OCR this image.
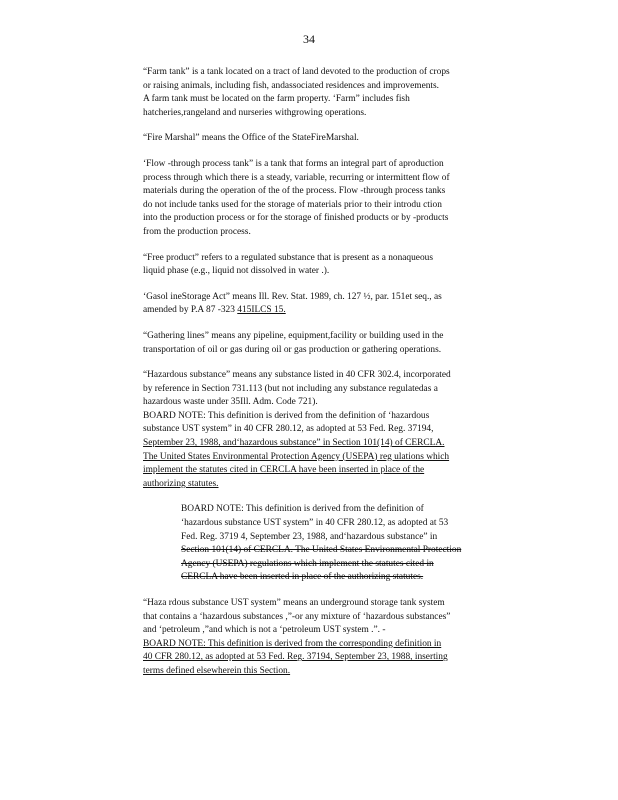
34
“Farm tank” is a tank located on a tract of land devoted to the production of crops
or raising animals, including fish, andassociated residences and improvements.
A farm tank must be located on the farm property. ‘Farm” includes fish
hatcheries,rangeland and nurseries withgrowing operations.
“Fire Marshal” means the Office of the StateFireMarshal.
‘Flow -through process tank” is a tank that forms an integral part of aproduction
process through which there is a steady, variable, recurring or intermittent flow of
materials during the operation of the of the process. Flow -through process tanks
do not include tanks used for the storage of materials prior to their introdu ction
into the production process or for the storage of finished products or by -products
from the production process.
“Free product” refers to a regulated substance that is present as a nonaqueous
liquid phase (e.g., liquid not dissolved in water .).
‘Gasol ineStorage Act” means Ill. Rev. Stat. 1989, ch. 127 ½, par. 151et seq., as
amended by P.A 87 -323 415ILCS 15.
“Gathering lines” means any pipeline, equipment,facility or building used in the
transportation of oil or gas during oil or gas production or gathering operations.
“Hazardous substance” means any substance listed in 40 CFR 302.4, incorporated
by reference in Section 731.113 (but not including any substance regulatedas a
hazardous waste under 35Ill. Adm. Code 721).
BOARD NOTE: This definition is derived from the definition of ‘hazardous
substance UST system” in 40 CFR 280.12, as adopted at 53 Fed. Reg. 37194,
September 23, 1988, and‘hazardous substance” in Section 101(14) of CERCLA.
The United States Environmental Protection Agency (USEPA) reg ulations which
implement the statutes cited in CERCLA have been inserted in place of the
authorizing statutes.
BOARD NOTE: This definition is derived from the definition of
‘hazardous substance UST system” in 40 CFR 280.12, as adopted at 53
Fed. Reg. 3719 4, September 23, 1988, and‘hazardous substance” in
Section 101(14) of CERCLA. The United States Environmental Protection
Agency (USEPA) regulations which implement the statutes cited in
CERCLA have been inserted in place of the authorizing statutes.
“Haza rdous substance UST system” means an underground storage tank system
that contains a ‘hazardous substances ,”-or any mixture of ‘hazardous substances”
and ‘petroleum ,”and which is not a ‘petroleum UST system .”. -
BOARD NOTE: This definition is derived from the corresponding definition in
40 CFR 280.12, as adopted at 53 Fed. Reg. 37194, September 23, 1988, inserting
terms defined elsewherein this Section.
